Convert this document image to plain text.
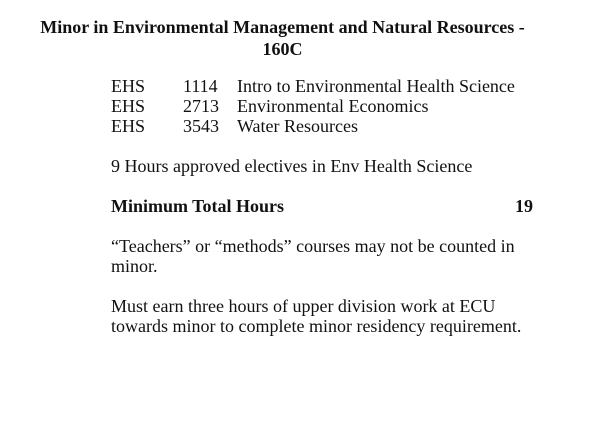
Minor in Environmental Management and Natural Resources -
160C
EHS	1114	Intro to Environmental Health Science
EHS	2713	Environmental Economics
EHS	3543	Water Resources
9 Hours approved electives in Env Health Science
Minimum Total Hours	19
“Teachers” or “methods” courses may not be counted in
minor.
Must earn three hours of upper division work at ECU
towards minor to complete minor residency requirement.
